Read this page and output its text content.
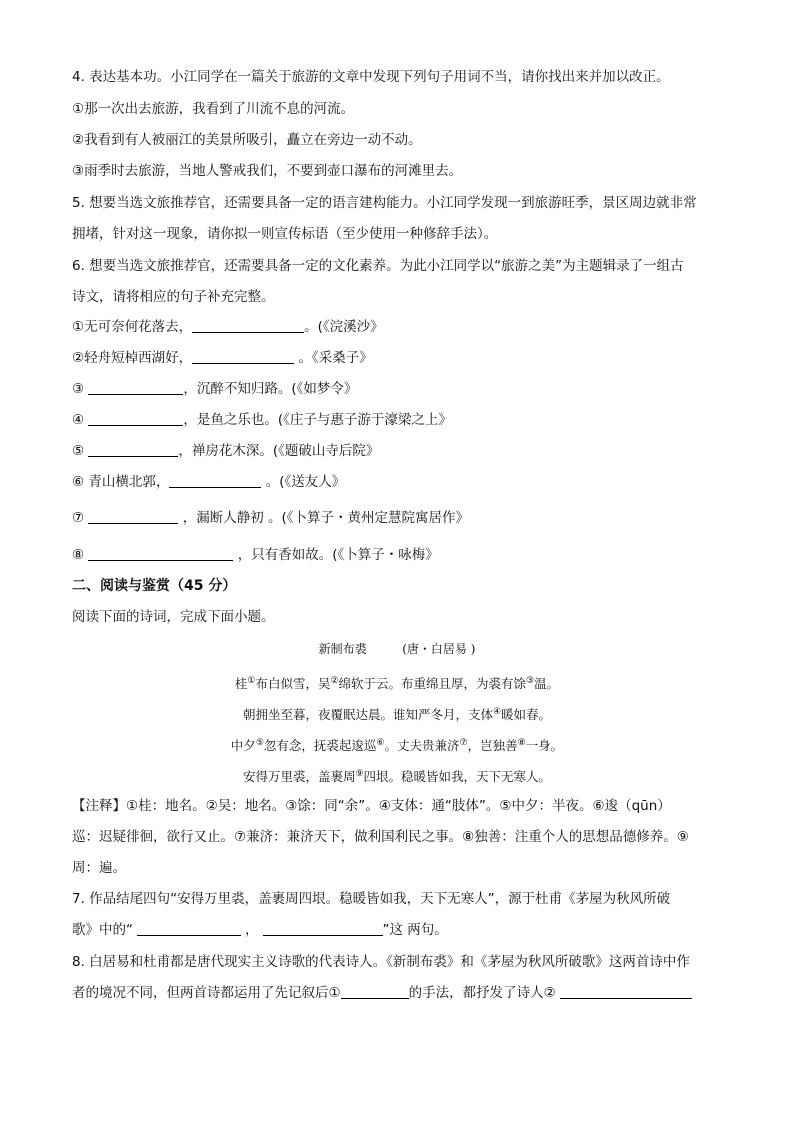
4. 表达基本功。小江同学在一篇关于旅游的文章中发现下列句子用词不当，请你找出来并加以改正。
①那一次出去旅游，我看到了川流不息的河流。
②我看到有人被丽江的美景所吸引，矗立在旁边一动不动。
③雨季时去旅游，当地人警戒我们，不要到壶口瀑布的河滩里去。
5. 想要当选文旅推荐官，还需要具备一定的语言建构能力。小江同学发现一到旅游旺季，景区周边就非常
拥堵，针对这一现象，请你拟一则宣传标语（至少使用一种修辞手法）。
6. 想要当选文旅推荐官，还需要具备一定的文化素养。为此小江同学以“旅游之美”为主题辑录了一组古
诗文，请将相应的句子补充完整。
①无可奈何花落去，	。(《浣溪沙》
②轻舟短棹西湖好，	。《采桑子》
③	，沉醉不知归路。(《如梦令》
④	，是鱼之乐也。(《庄子与惠子游于濠梁之上》
⑤	，禅房花木深。(《题破山寺后院》
⑥ 青山横北郭，	。(《送友人》
⑦	，漏断人静初 。(《卜算子・黄州定慧院寓居作》
⑧	，只有香如故。(《卜算子・咏梅》
二、阅读与鉴赏（45 分）
阅读下面的诗词，完成下面小题。
新制布裘	(唐・白居易 )
桂①布白似雪，吴②绵软于云。布重绵且厚，为裘有馀③温。
朝拥坐至暮，夜覆眠达晨。谁知严冬月，支体④暖如春。
中夕⑤忽有念，抚裘起逡巡⑥。丈夫贵兼济⑦，岂独善⑧一身。
安得万里裘，盖裹周⑨四垠。稳暖皆如我，天下无寒人。
【注释】①桂：地名。②吴：地名。③馀：同“余”。④支体：通“肢体”。⑤中夕：半夜。⑥逡（qūn）
巡：迟疑徘徊，欲行又止。⑦兼济：兼济天下，做利国利民之事。⑧独善：注重个人的思想品德修养。⑨
周：遍。
7. 作品结尾四句“安得万里裘，盖裹周四垠。稳暖皆如我，天下无寒人”，源于杜甫《茅屋为秋风所破
歌》中的“	，	”这 两句。
8. 白居易和杜甫都是唐代现实主义诗歌的代表诗人。《新制布裘》和《茅屋为秋风所破歌》这两首诗中作
者的境况不同，但两首诗都运用了先记叙后①	的手法，都抒发了诗人②
